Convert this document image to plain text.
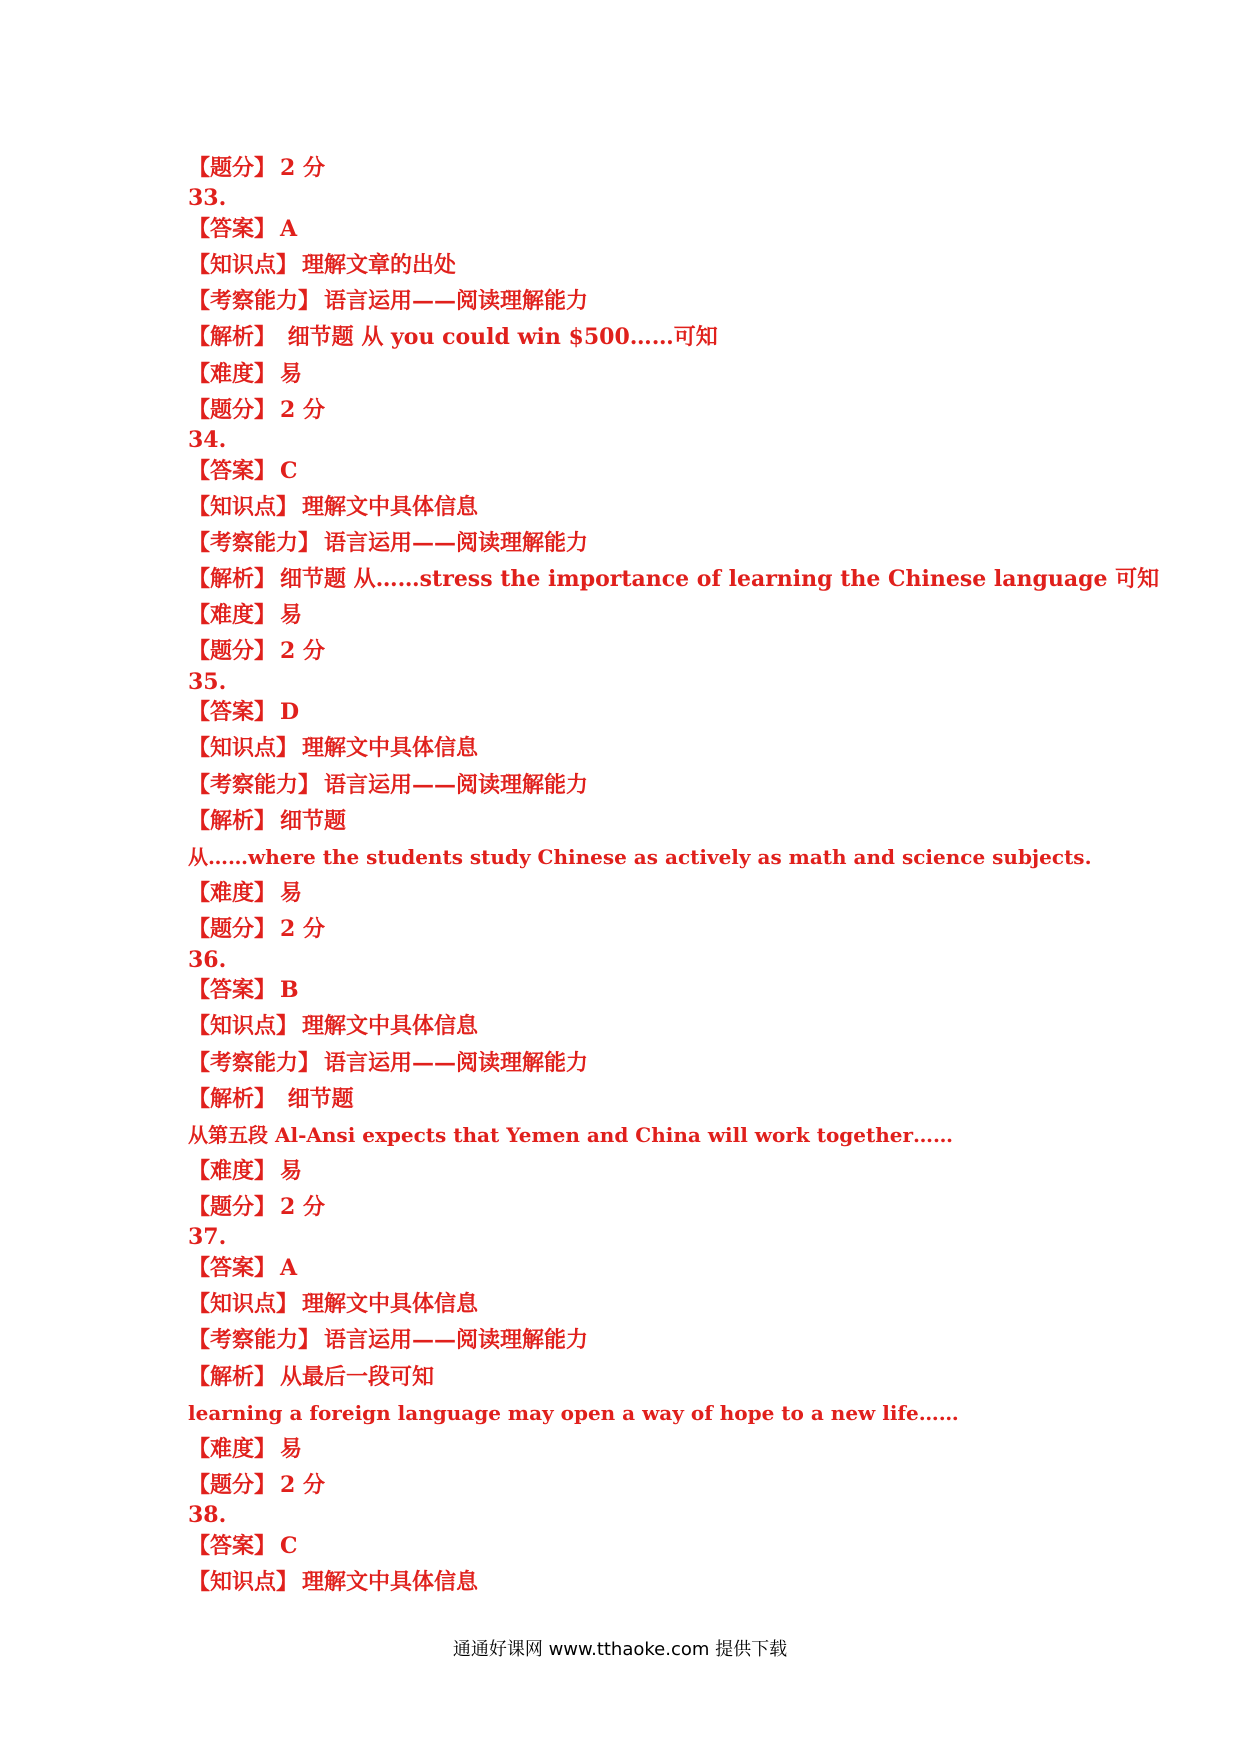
【题分】 2 分
33.
【答案】 A
【知识点】 理解文章的出处
【考察能力】 语言运用——阅读理解能力
【解析】 细节题 从 you could win $500……可知
【难度】 易
【题分】 2 分
34.
【答案】 C
【知识点】 理解文中具体信息
【考察能力】 语言运用——阅读理解能力
【解析】 细节题 从……stress the importance of learning the Chinese language 可知
【难度】 易
【题分】 2 分
35.
【答案】 D
【知识点】 理解文中具体信息
【考察能力】 语言运用——阅读理解能力
【解析】 细节题
从……where the students study Chinese as actively as math and science subjects.
【难度】 易
【题分】 2 分
36.
【答案】 B
【知识点】 理解文中具体信息
【考察能力】 语言运用——阅读理解能力
【解析】 细节题
从第五段 Al-Ansi expects that Yemen and China will work together……
【难度】 易
【题分】 2 分
37.
【答案】 A
【知识点】 理解文中具体信息
【考察能力】 语言运用——阅读理解能力
【解析】 从最后一段可知
learning a foreign language may open a way of hope to a new life……
【难度】 易
【题分】 2 分
38.
【答案】 C
【知识点】 理解文中具体信息
通通好课网 www.tthaoke.com 提供下载
